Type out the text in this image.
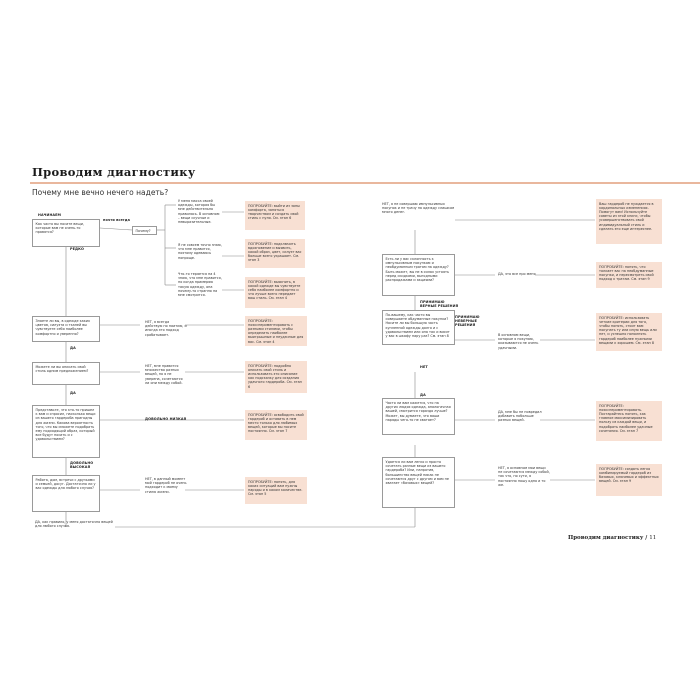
Проводим диагностику
Почему мне вечно нечего надеть?
НАЧИНАЕМ
Как часто вы носите вещи, которые вам не очень-то нравятся?
почти всегда
РЕДКО
Почему?
У меня масса своей одежды, которая бы мне действительно нравилась. В основном – вещи скучные и невыразительные.
Я не совсем точно знаю, что мне нравится, поэтому одеваюсь попроще.
Что-то теряется на 4 знаю, что мне нравится, но когда примеряю такую одежду, она почему-то странно на мне смотрится.
ПОПРОБУЙТЕ: выйти из зоны комфорта, заняться творчеством и создать свой стиль с нуля. См. этап 6
ПОПРОБУЙТЕ: подключить вдохновение и выявить, какой образ, цвет, силуэт вас больше всего украшает. См. этап 3
ПОПРОБУЙТЕ: выяснить, в какой одежде вы чувствуете себя наиболее комфортно и что лучше всего передает ваш стиль. См. этап 4
Знаете ли вы, в одежде каких цветов, силуэта и тканей вы чувствуете себя наиболее комфортно и уверенно?
НЕТ, я всегда действую по наитию, и иногда это подход срабатывает.
ПОПРОБУЙТЕ: поэкспериментировать с разными стилями, чтобы определить наиболее выигрышные и неудачные для вас. См. этап 4
ДА
Можете ли вы описать свой стиль одним предложением?
НЕТ, мне нравится множество разных вещей, но я не уверена, сочетаются ли они между собой.
ПОПРОБУЙТЕ: подробно описать свой стиль и использовать это описание как подсказку для создания удачного гардероба. См. этап 6
ДА
Представьте, что кто-то пришел к вам и спросил, насколько вещи из вашего гардероба пригодны для жизни. Какова вероятность того, что вы сможете подобрать ему подходящий образ, который все будут носить и с удовольствием?
ДОВОЛЬНО НИЗКАЯ
ПОПРОБУЙТЕ: освободить свой гардероб и оставить в нем место только для любимых вещей, которые вы носите постоянно. См. этап 7
ДОВОЛЬНО ВЫСОКАЯ
Работа, дом, встречи с друзьями и семьей, досуг. Достаточно ли у вас одежды для любого случая?
НЕТ, в данный момент мой гардероб не очень подходит к моему стилю жизни.
ПОПРОБУЙТЕ: понять, для каких ситуаций вам нужны наряды и в каком количестве. См. этап 5
ДА, как правило, у меня достаточно вещей для любого случая.
НЕТ, я не совершаю импульсивных покупок и не трачу на одежду слишком много денег.
Ваш гардероб не нуждается в кардинальных изменениях. Помогут вам! Используйте советы из этой книги, чтобы усовершенствовать свой индивидуальный стиль и сделать его еще интереснее.
Есть ли у вас склонность к импульсивным покупкам и необдуманным тратам на одежду? Быть может, вы не в силах устоять перед скидками, выгодными распродажами и акциями?
ДА, это все про меня
ПОПРОБУЙТЕ: понять, что толкает вас на необдуманные покупки, и пересмотреть свой подход к тратам. См. этап 9
ПРИНИМАЮ ВЕРНЫЕ РЕШЕНИЯ
По-вашему, как часто вы совершаете обдуманные покупки? Носите ли вы большую часть купленной одежды долго и с удовольствием или она так и висит у вас в шкафу пару раз? См. этап 8
ПРИНИМАЮ НЕВЕРНЫЕ РЕШЕНИЯ
В основном вещи, которые я покупаю, оказываются не очень удачными.
ПОПРОБУЙТЕ: использовать четкие критерии для того, чтобы понять, стоит вам покупать ту или иную вещь или нет, и успешно пополнять гардероб наиболее нужными вещами к хорошем. См. этап 8
НЕТ
Часто ли вам кажется, что на других людях одежда, аналогичная вашей, смотрится гораздо лучше? Может, вы думаете, что ваши наряды чего-то не хватает?
ДА
ДА, мне бы не повредил добавить побольше разных вещей.
ПОПРОБУЙТЕ: поэкспериментировать. Постарайтесь понять, как главное максимизировать пользу из каждой вещи, и подобрать наиболее удачные сочетания. См. этап 7
Удается ли вам легко и просто сочетать разные вещи из вашего гардероба? Или, напротив, большинство вещей никак не сочетаются друг с другом и вам не хватает «базовых» вещей?
НЕТ, я основном мои вещи не сочетаются между собой, так что, по сути, я постоянно ношу одно и то же.
ПОПРОБУЙТЕ: создать легко комбинируемый гардероб из базовых, ключевых и эффектных вещей. См. этап 9
Проводим диагностику / 11
